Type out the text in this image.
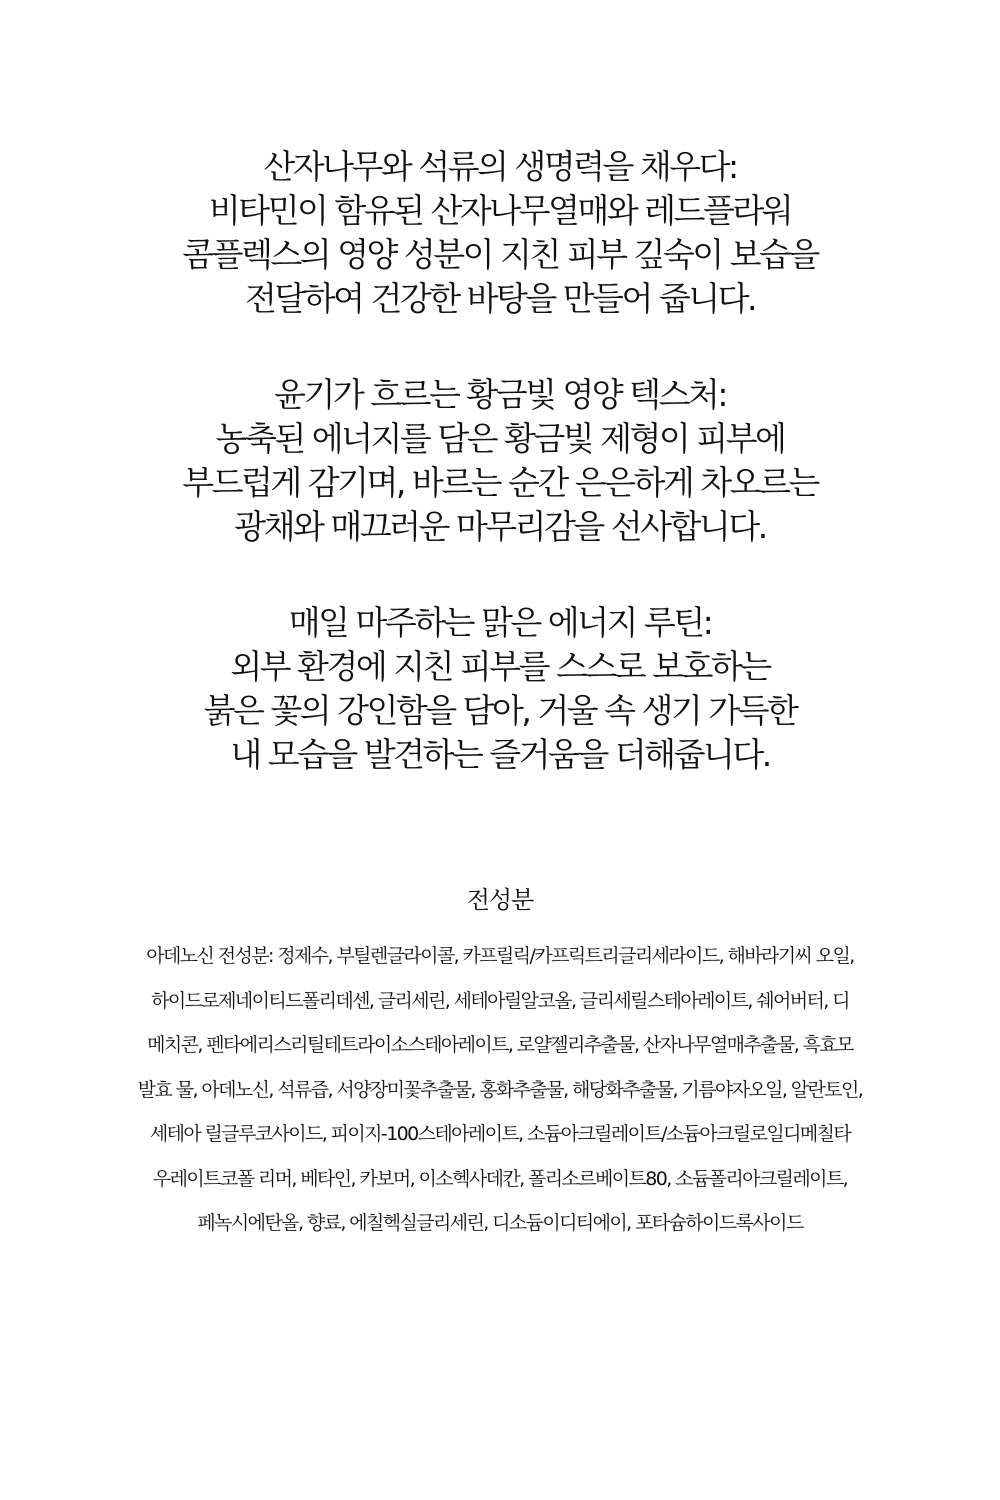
산자나무와 석류의 생명력을 채우다:
비타민이 함유된 산자나무열매와 레드플라워
콤플렉스의 영양 성분이 지친 피부 깊숙이 보습을
전달하여 건강한 바탕을 만들어 줍니다.
윤기가 흐르는 황금빛 영양 텍스처:
농축된 에너지를 담은 황금빛 제형이 피부에
부드럽게 감기며, 바르는 순간 은은하게 차오르는
광채와 매끄러운 마무리감을 선사합니다.
매일 마주하는 맑은 에너지 루틴:
외부 환경에 지친 피부를 스스로 보호하는
붉은 꽃의 강인함을 담아, 거울 속 생기 가득한
내 모습을 발견하는 즐거움을 더해줍니다.
전성분
아데노신 전성분: 정제수, 부틸렌글라이콜, 카프릴릭/카프릭트리글리세라이드, 해바라기씨 오일,
하이드로제네이티드폴리데센, 글리세린, 세테아릴알코올, 글리세릴스테아레이트, 쉐어버터, 디
메치콘, 펜타에리스리틸테트라이소스테아레이트, 로얄젤리추출물, 산자나무열매추출물, 흑효모
발효 물, 아데노신, 석류즙, 서양장미꽃추출물, 홍화추출물, 해당화추출물, 기름야자오일, 알란토인,
세테아 릴글루코사이드, 피이지-100스테아레이트, 소듐아크릴레이트/소듐아크릴로일디메칠타
우레이트코폴 리머, 베타인, 카보머, 이소헥사데칸, 폴리소르베이트80, 소듐폴리아크릴레이트,
페녹시에탄올, 향료, 에칠헥실글리세린, 디소듐이디티에이, 포타슘하이드록사이드
